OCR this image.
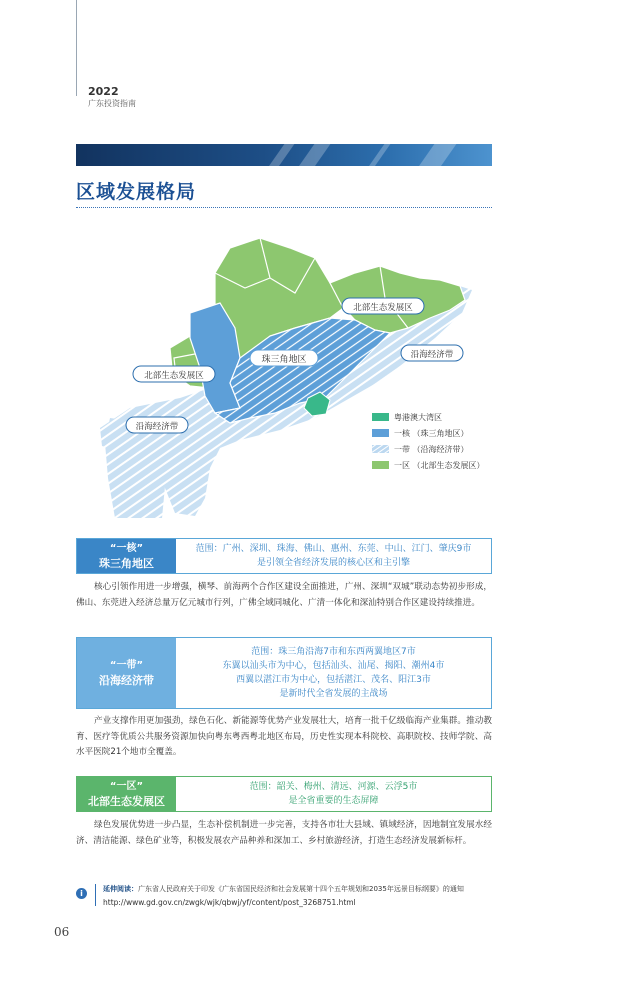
2022
广东投资指南
区域发展格局
珠三角地区
北部生态发展区
北部生态发展区
沿海经济带
沿海经济带
粤港澳大湾区
一核 （珠三角地区）
一带 （沿海经济带）
一区 （北部生态发展区）
“一核”
珠三角地区
范围：广州、深圳、珠海、佛山、惠州、东莞、中山、江门、肇庆9市
是引领全省经济发展的核心区和主引擎
核心引领作用进一步增强，横琴、前海两个合作区建设全面推进，广州、深圳“双城”联动态势初步形成，佛山、东莞进入经济总量万亿元城市行列，广佛全域同城化、广清一体化和深汕特别合作区建设持续推进。
“一带”
沿海经济带
范围：珠三角沿海7市和东西两翼地区7市
东翼以汕头市为中心，包括汕头、汕尾、揭阳、潮州4市
西翼以湛江市为中心，包括湛江、茂名、阳江3市
是新时代全省发展的主战场
产业支撑作用更加强劲，绿色石化、新能源等优势产业发展壮大，培育一批千亿级临海产业集群。推动教育、医疗等优质公共服务资源加快向粤东粤西粤北地区布局，历史性实现本科院校、高职院校、技师学院、高水平医院21个地市全覆盖。
“一区”
北部生态发展区
范围：韶关、梅州、清远、河源、云浮5市
是全省重要的生态屏障
绿色发展优势进一步凸显，生态补偿机制进一步完善，支持各市壮大县域、镇域经济，因地制宜发展水经济、清洁能源、绿色矿业等，积极发展农产品种养和深加工、乡村旅游经济，打造生态经济发展新标杆。
i	延伸阅读：广东省人民政府关于印发《广东省国民经济和社会发展第十四个五年规划和2035年远景目标纲要》的通知
http://www.gd.gov.cn/zwgk/wjk/qbwj/yf/content/post_3268751.html
06
